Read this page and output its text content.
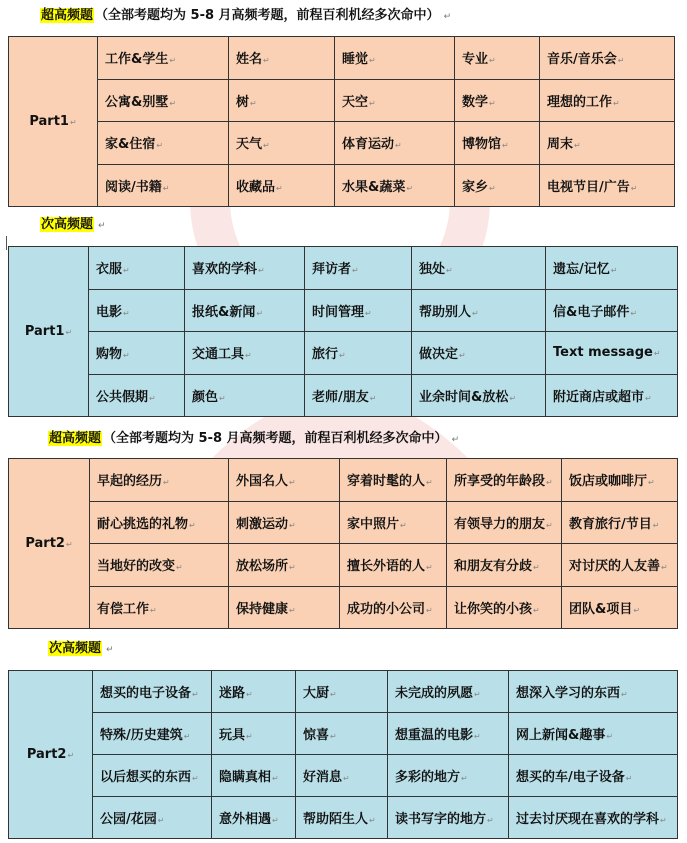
超高频题 （全部考题均为 5-8 月高频考题，前程百利机经多次命中） ↵
Part1↵	工作&学生↵	姓名↵	睡觉↵	专业↵	音乐/音乐会↵
	公寓&别墅↵	树↵	天空↵	数学↵	理想的工作↵
	家&住宿↵	天气↵	体育运动↵	博物馆↵	周末↵
	阅读/书籍↵	收藏品↵	水果&蔬菜↵	家乡↵	电视节目/广告↵
次高频题 ↵
Part1↵	衣服↵	喜欢的学科↵	拜访者↵	独处↵	遗忘/记忆↵
	电影↵	报纸&新闻↵	时间管理↵	帮助别人↵	信&电子邮件↵
	购物↵	交通工具↵	旅行↵	做决定↵	Text message↵
	公共假期↵	颜色↵	老师/朋友↵	业余时间&放松↵	附近商店或超市↵
超高频题 （全部考题均为 5-8 月高频考题，前程百利机经多次命中） ↵
Part2↵	早起的经历↵	外国名人↵	穿着时髦的人↵	所享受的年龄段↵	饭店或咖啡厅↵
	耐心挑选的礼物↵	刺激运动↵	家中照片↵	有领导力的朋友↵	教育旅行/节目↵
	当地好的改变↵	放松场所↵	擅长外语的人↵	和朋友有分歧↵	对讨厌的人友善↵
	有偿工作↵	保持健康↵	成功的小公司↵	让你笑的小孩↵	团队&项目↵
次高频题 ↵
Part2↵	想买的电子设备↵	迷路↵	大厨↵	未完成的夙愿↵	想深入学习的东西↵
	特殊/历史建筑↵	玩具↵	惊喜↵	想重温的电影↵	网上新闻&趣事↵
	以后想买的东西↵	隐瞒真相↵	好消息↵	多彩的地方↵	想买的车/电子设备↵
	公园/花园↵	意外相遇↵	帮助陌生人↵	读书写字的地方↵	过去讨厌现在喜欢的学科↵
